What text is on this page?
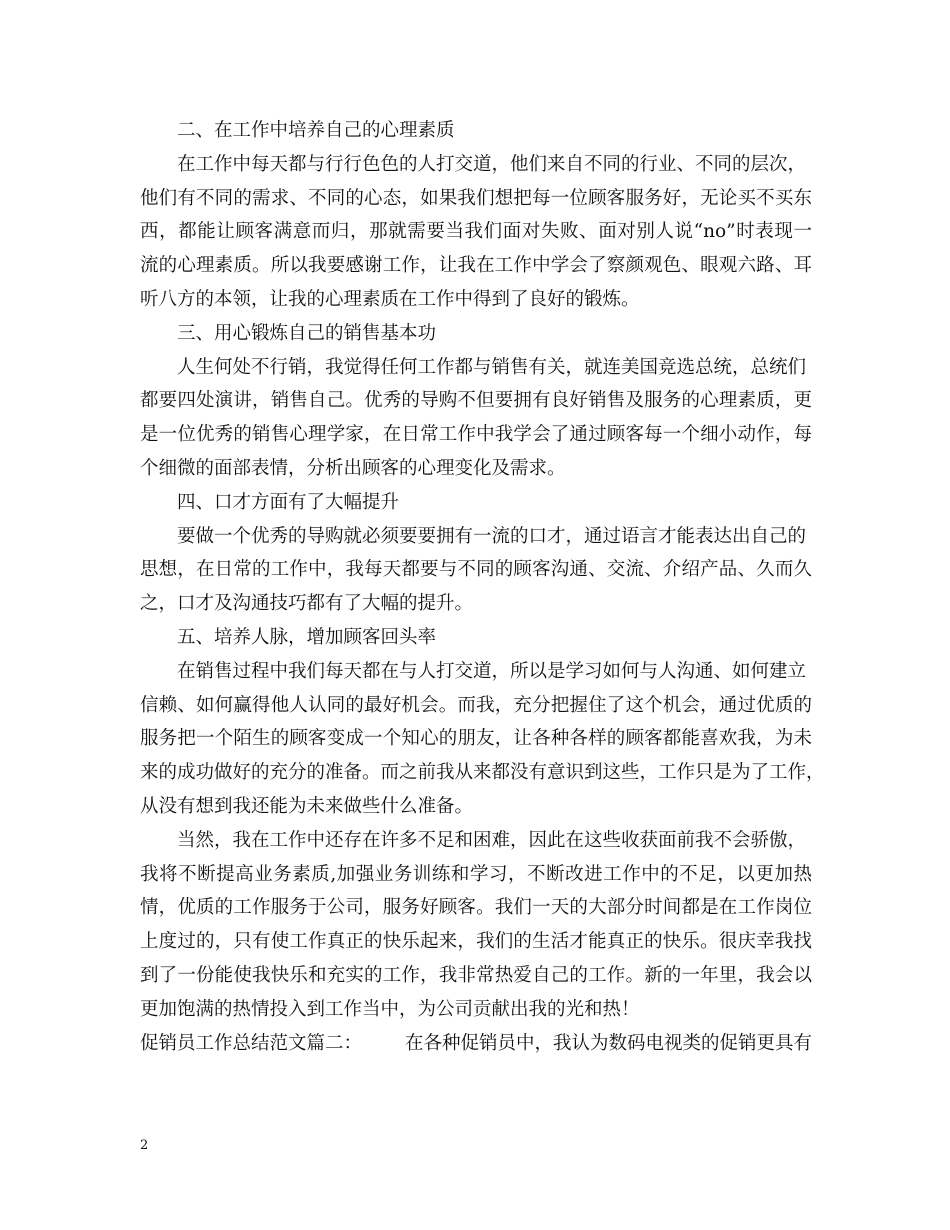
二、在工作中培养自己的心理素质
在工作中每天都与行行色色的人打交道，他们来自不同的行业、不同的层次，
他们有不同的需求、不同的心态，如果我们想把每一位顾客服务好，无论买不买东
西，都能让顾客满意而归，那就需要当我们面对失败、面对别人说“no”时表现一
流的心理素质。所以我要感谢工作，让我在工作中学会了察颜观色、眼观六路、耳
听八方的本领，让我的心理素质在工作中得到了良好的锻炼。
三、用心锻炼自己的销售基本功
人生何处不行销，我觉得任何工作都与销售有关，就连美国竞选总统，总统们
都要四处演讲，销售自己。优秀的导购不但要拥有良好销售及服务的心理素质，更
是一位优秀的销售心理学家，在日常工作中我学会了通过顾客每一个细小动作，每
个细微的面部表情，分析出顾客的心理变化及需求。
四、口才方面有了大幅提升
要做一个优秀的导购就必须要要拥有一流的口才，通过语言才能表达出自己的
思想，在日常的工作中，我每天都要与不同的顾客沟通、交流、介绍产品、久而久
之，口才及沟通技巧都有了大幅的提升。
五、培养人脉，增加顾客回头率
在销售过程中我们每天都在与人打交道，所以是学习如何与人沟通、如何建立
信赖、如何赢得他人认同的最好机会。而我，充分把握住了这个机会，通过优质的
服务把一个陌生的顾客变成一个知心的朋友，让各种各样的顾客都能喜欢我，为未
来的成功做好的充分的准备。而之前我从来都没有意识到这些，工作只是为了工作，
从没有想到我还能为未来做些什么准备。
当然，我在工作中还存在许多不足和困难，因此在这些收获面前我不会骄傲，
我将不断提高业务素质,加强业务训练和学习，不断改进工作中的不足，以更加热
情，优质的工作服务于公司，服务好顾客。我们一天的大部分时间都是在工作岗位
上度过的，只有使工作真正的快乐起来，我们的生活才能真正的快乐。很庆幸我找
到了一份能使我快乐和充实的工作，我非常热爱自己的工作。新的一年里，我会以
更加饱满的热情投入到工作当中，为公司贡献出我的光和热！
促销员工作总结范文篇二： 在各种促销员中，我认为数码电视类的促销更具有
2
